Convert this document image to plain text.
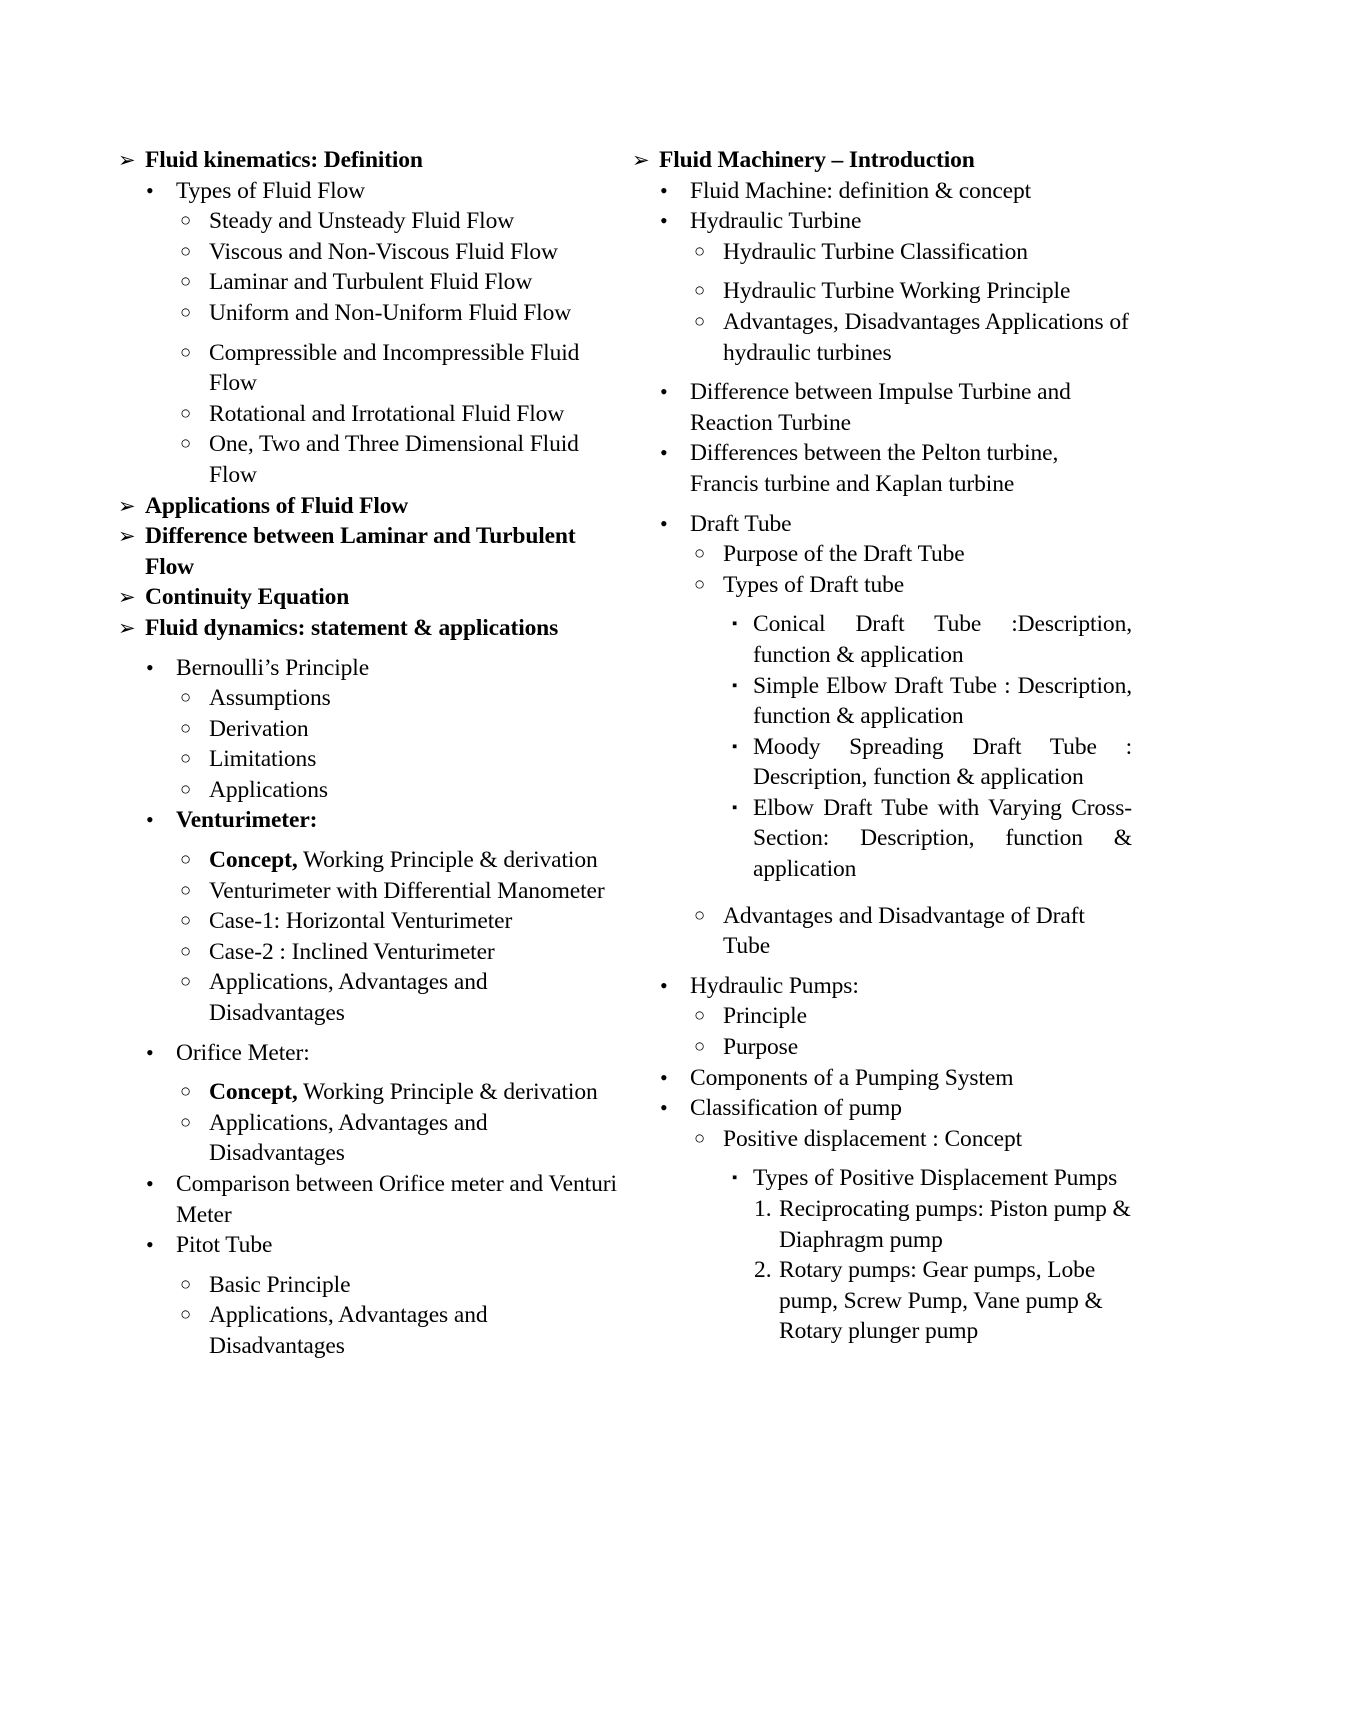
➢ Fluid kinematics: Definition
• Types of Fluid Flow
○ Steady and Unsteady Fluid Flow
○ Viscous and Non-Viscous Fluid Flow
○ Laminar and Turbulent Fluid Flow
○ Uniform and Non-Uniform Fluid Flow
○ Compressible and Incompressible Fluid Flow
○ Rotational and Irrotational Fluid Flow
○ One, Two and Three Dimensional Fluid Flow
➢ Applications of Fluid Flow
➢ Difference between Laminar and Turbulent Flow
➢ Continuity Equation
➢ Fluid dynamics: statement & applications
• Bernoulli’s Principle
○ Assumptions
○ Derivation
○ Limitations
○ Applications
• Venturimeter:
○ Concept, Working Principle & derivation
○ Venturimeter with Differential Manometer
○ Case-1: Horizontal Venturimeter
○ Case-2 : Inclined Venturimeter
○ Applications, Advantages and Disadvantages
• Orifice Meter:
○ Concept, Working Principle & derivation
○ Applications, Advantages and Disadvantages
• Comparison between Orifice meter and Venturi Meter
• Pitot Tube
○ Basic Principle
○ Applications, Advantages and Disadvantages
➢ Fluid Machinery – Introduction
• Fluid Machine: definition & concept
• Hydraulic Turbine
○ Hydraulic Turbine Classification
○ Hydraulic Turbine Working Principle
○ Advantages, Disadvantages Applications of hydraulic turbines
• Difference between Impulse Turbine and Reaction Turbine
• Differences between the Pelton turbine, Francis turbine and Kaplan turbine
• Draft Tube
○ Purpose of the Draft Tube
○ Types of Draft tube
▪ Conical Draft Tube :Description, function & application
▪ Simple Elbow Draft Tube : Description, function & application
▪ Moody Spreading Draft Tube : Description, function & application
▪ Elbow Draft Tube with Varying Cross-Section: Description, function & application
○ Advantages and Disadvantage of Draft Tube
• Hydraulic Pumps:
○ Principle
○ Purpose
• Components of a Pumping System
• Classification of pump
○ Positive displacement : Concept
▪ Types of Positive Displacement Pumps
1. Reciprocating pumps: Piston pump & Diaphragm pump
2. Rotary pumps: Gear pumps, Lobe pump, Screw Pump, Vane pump & Rotary plunger pump
